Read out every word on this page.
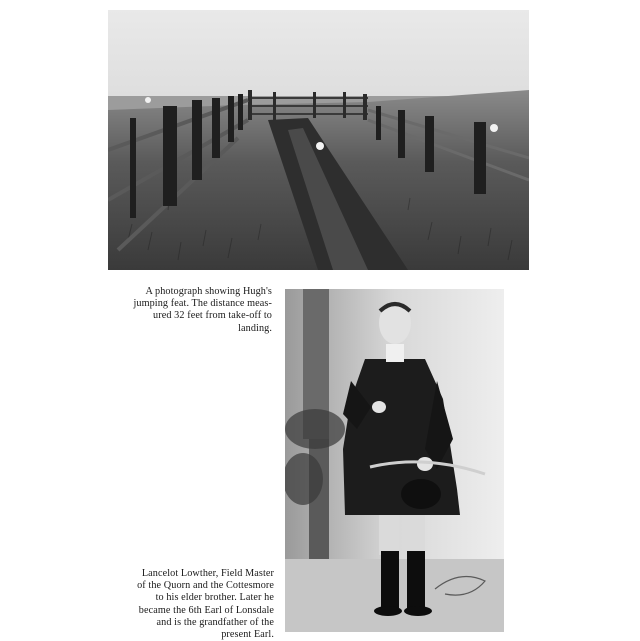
A photograph showing Hugh's
jumping feat. The distance meas-
ured 32 feet from take-off to
landing.
Lancelot Lowther, Field Master
of the Quorn and the Cottesmore
to his elder brother. Later he
became the 6th Earl of Lonsdale
and is the grandfather of the
present Earl.
